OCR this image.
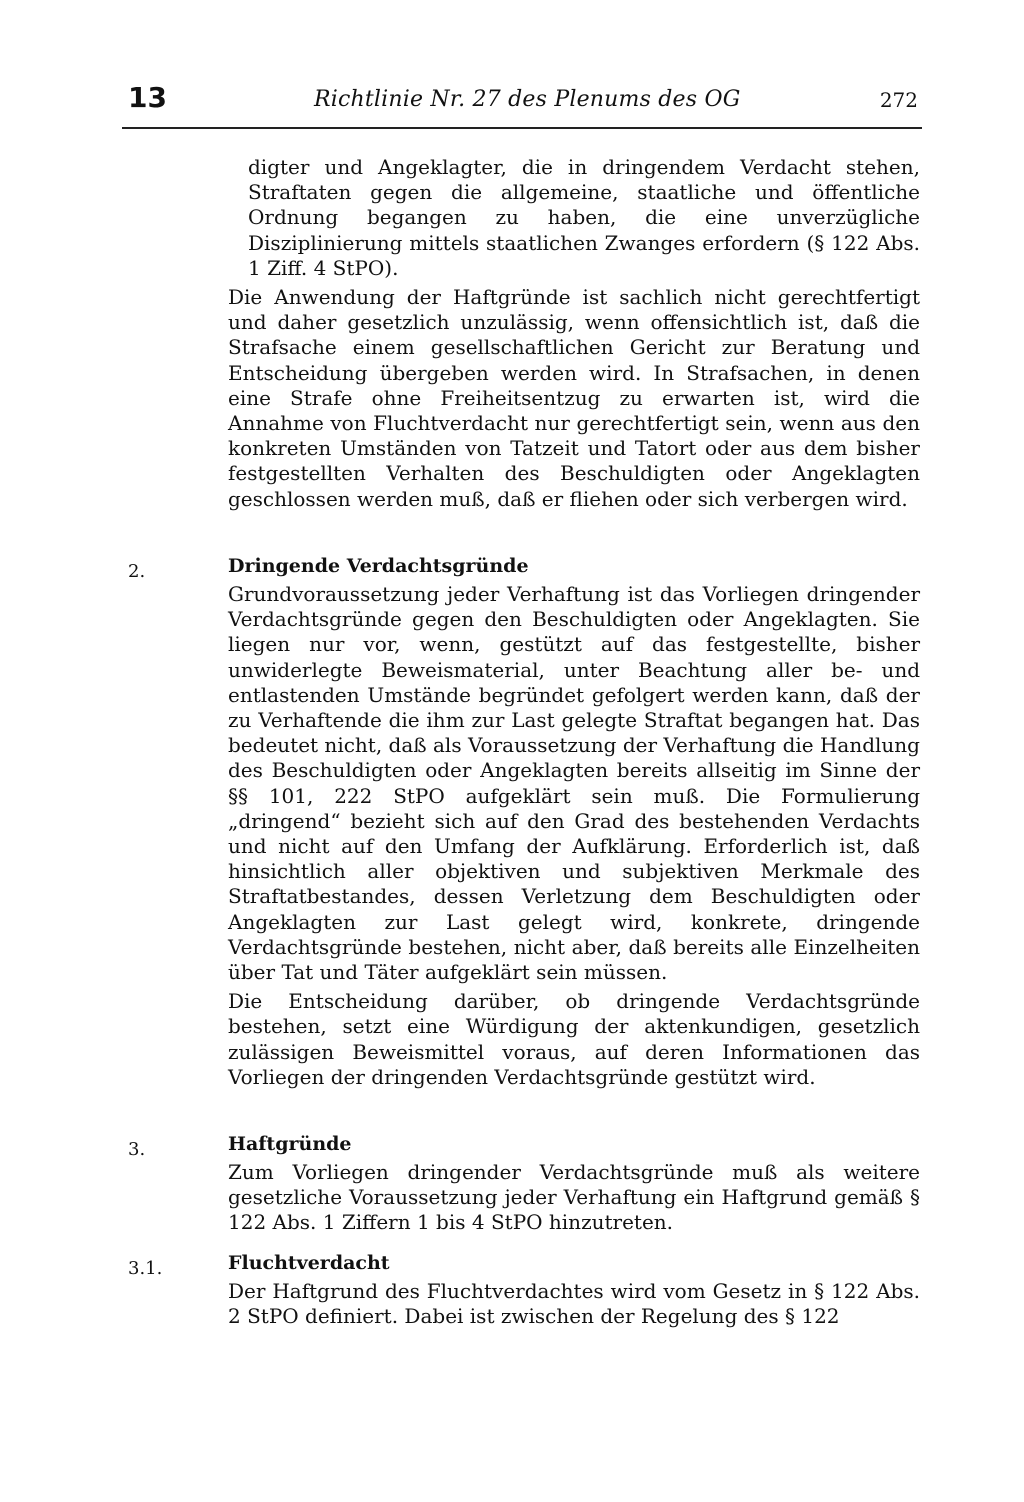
13	Richtlinie Nr. 27 des Plenums des OG	272

digter und Angeklagter, die in dringendem Verdacht stehen, Straftaten gegen die allgemeine, staatliche und öffentliche Ordnung begangen zu haben, die eine unverzügliche Disziplinierung mittels staatlichen Zwanges erfordern (§ 122 Abs. 1 Ziff. 4 StPO).

Die Anwendung der Haftgründe ist sachlich nicht gerechtfertigt und daher gesetzlich unzulässig, wenn offensichtlich ist, daß die Strafsache einem gesellschaftlichen Gericht zur Beratung und Entscheidung übergeben werden wird. In Strafsachen, in denen eine Strafe ohne Freiheitsentzug zu erwarten ist, wird die Annahme von Fluchtverdacht nur gerechtfertigt sein, wenn aus den konkreten Umständen von Tatzeit und Tatort oder aus dem bisher festgestellten Verhalten des Beschuldigten oder Angeklagten geschlossen werden muß, daß er fliehen oder sich verbergen wird.

2.	Dringende Verdachtsgründe

Grundvoraussetzung jeder Verhaftung ist das Vorliegen dringender Verdachtsgründe gegen den Beschuldigten oder Angeklagten. Sie liegen nur vor, wenn, gestützt auf das festgestellte, bisher unwiderlegte Beweismaterial, unter Beachtung aller be- und entlastenden Umstände begründet gefolgert werden kann, daß der zu Verhaftende die ihm zur Last gelegte Straftat begangen hat. Das bedeutet nicht, daß als Voraussetzung der Verhaftung die Handlung des Beschuldigten oder Angeklagten bereits allseitig im Sinne der §§ 101, 222 StPO aufgeklärt sein muß. Die Formulierung „dringend“ bezieht sich auf den Grad des bestehenden Verdachts und nicht auf den Umfang der Aufklärung. Erforderlich ist, daß hinsichtlich aller objektiven und subjektiven Merkmale des Straftatbestandes, dessen Verletzung dem Beschuldigten oder Angeklagten zur Last gelegt wird, konkrete, dringende Verdachtsgründe bestehen, nicht aber, daß bereits alle Einzelheiten über Tat und Täter aufgeklärt sein müssen.

Die Entscheidung darüber, ob dringende Verdachtsgründe bestehen, setzt eine Würdigung der aktenkundigen, gesetzlich zulässigen Beweismittel voraus, auf deren Informationen das Vorliegen der dringenden Verdachtsgründe gestützt wird.

3.	Haftgründe

Zum Vorliegen dringender Verdachtsgründe muß als weitere gesetzliche Voraussetzung jeder Verhaftung ein Haftgrund gemäß § 122 Abs. 1 Ziffern 1 bis 4 StPO hinzutreten.

3.1.	Fluchtverdacht

Der Haftgrund des Fluchtverdachtes wird vom Gesetz in § 122 Abs. 2 StPO definiert. Dabei ist zwischen der Regelung des § 122
